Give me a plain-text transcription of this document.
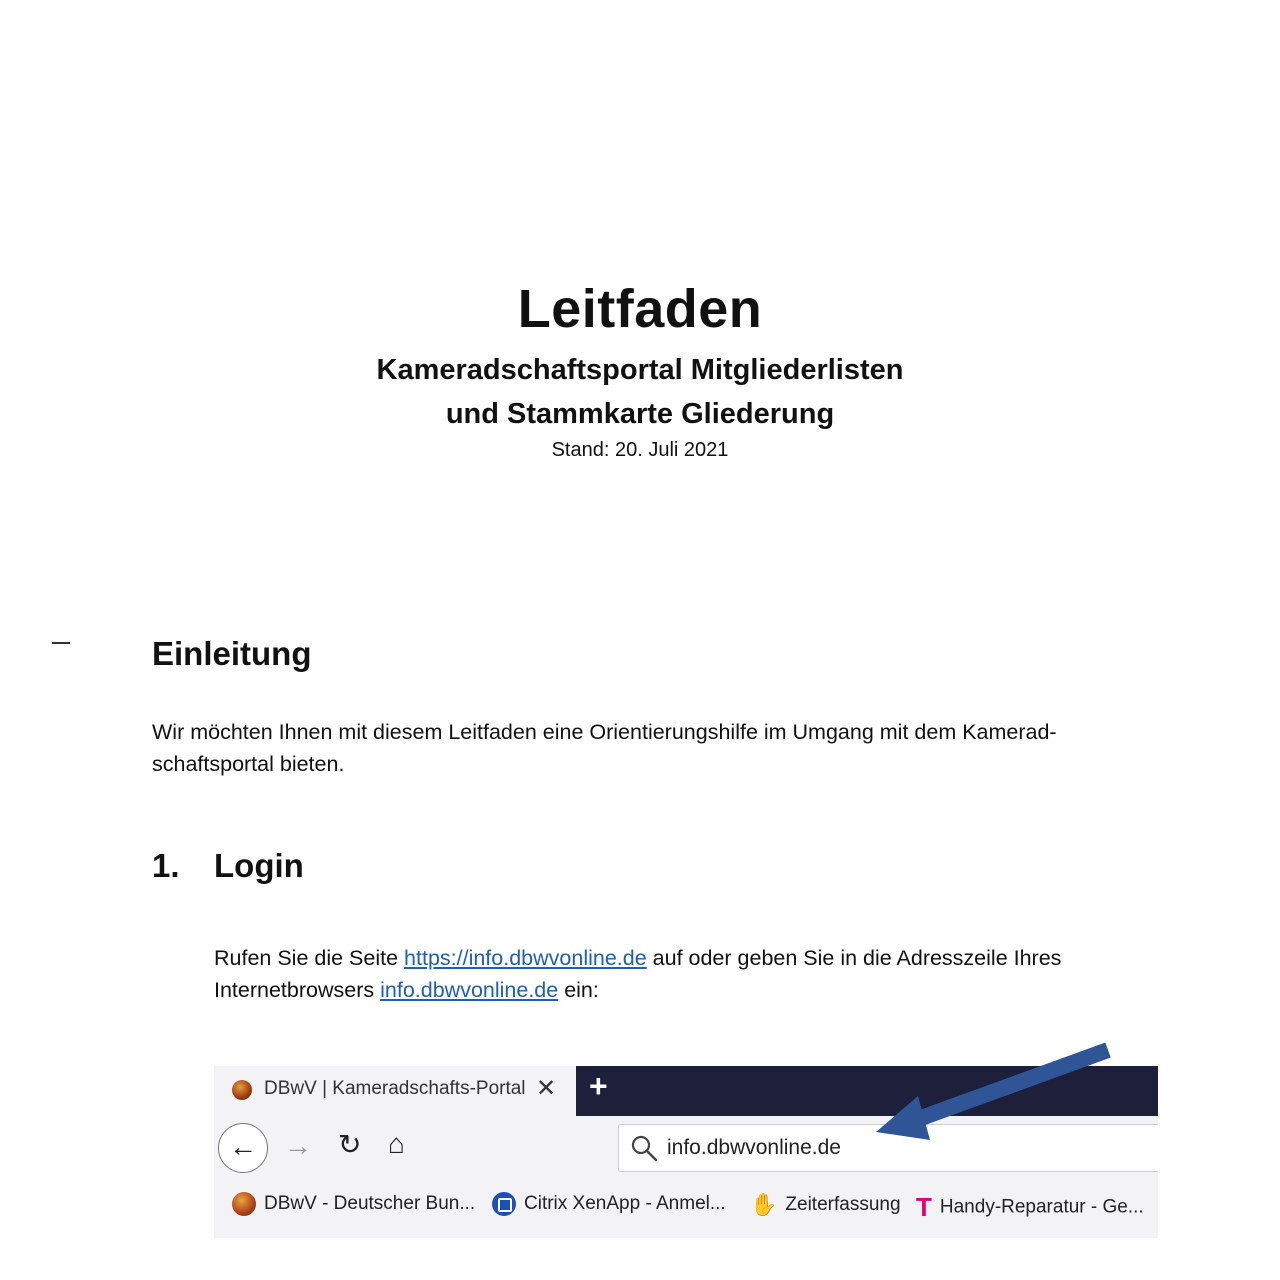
Leitfaden
Kameradschaftsportal Mitgliederlisten
und Stammkarte Gliederung
Stand: 20. Juli 2021
Einleitung

Wir möchten Ihnen mit diesem Leitfaden eine Orientierungshilfe im Umgang mit dem Kamerad-
schaftsportal bieten.

1. Login

Rufen Sie die Seite https://info.dbwvonline.de auf oder geben Sie in die Adresszeile Ihres
Internetbrowsers info.dbwvonline.de ein:

DBwV | Kameradschafts-Portal ✕ +
← → ↻ ⌂	info.dbwvonline.de
DBwV - Deutscher Bun...	Citrix XenApp - Anmel... ✋ Zeiterfassung T Handy-Reparatur - Ge...
